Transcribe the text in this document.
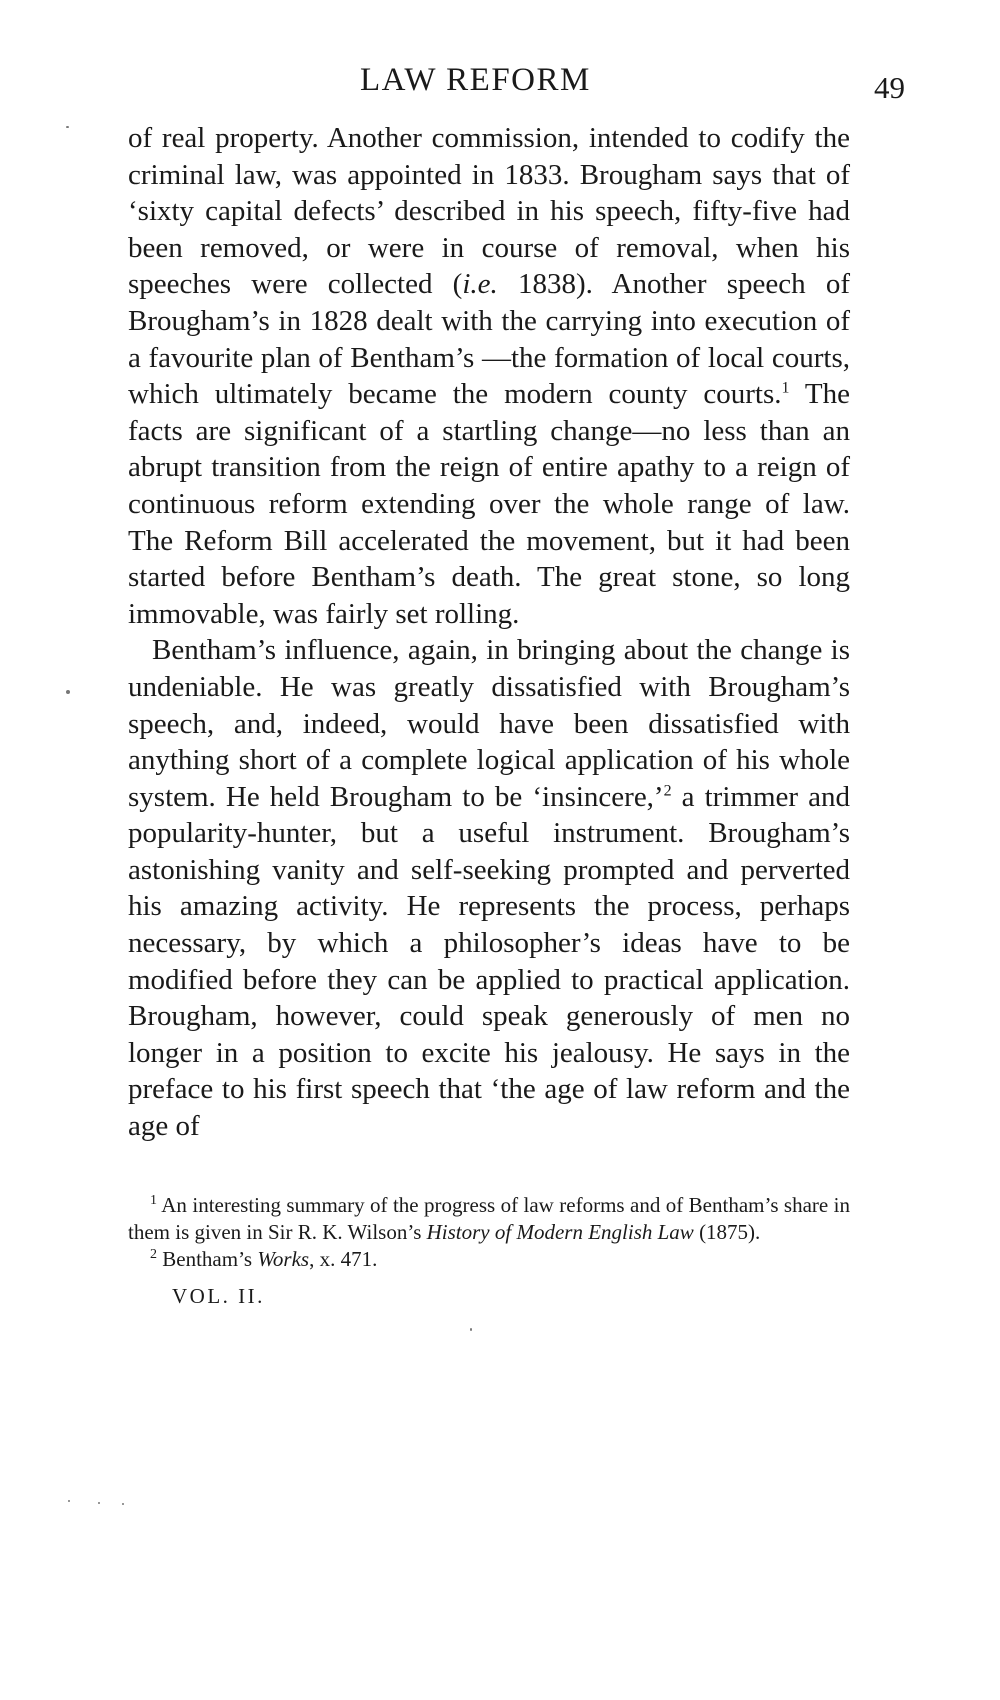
LAW REFORM	49

of real property. Another commission, intended to codify the criminal law, was appointed in 1833. Brougham says that of ‘sixty capital defects’ described in his speech, fifty-five had been removed, or were in course of removal, when his speeches were collected (i.e. 1838). Another speech of Brougham’s in 1828 dealt with the carrying into execution of a favourite plan of Bentham’s —the formation of local courts, which ultimately became the modern county courts.$^1$ The facts are significant of a startling change—no less than an abrupt transition from the reign of entire apathy to a reign of continuous reform extending over the whole range of law. The Reform Bill accelerated the movement, but it had been started before Bentham’s death. The great stone, so long immovable, was fairly set rolling.

Bentham’s influence, again, in bringing about the change is undeniable. He was greatly dissatisfied with Brougham’s speech, and, indeed, would have been dissatisfied with anything short of a complete logical application of his whole system. He held Brougham to be ‘insincere,’$^2$ a trimmer and popularity-hunter, but a useful instrument. Brougham’s astonishing vanity and self-seeking prompted and perverted his amazing activity. He represents the process, perhaps necessary, by which a philosopher’s ideas have to be modified before they can be applied to practical application. Brougham, however, could speak generously of men no longer in a position to excite his jealousy. He says in the preface to his first speech that ‘the age of law reform and the age of

$^1$ An interesting summary of the progress of law reforms and of Bentham’s share in them is given in Sir R. K. Wilson’s History of Modern English Law (1875).

$^2$ Bentham’s Works, x. 471.

VOL. II.
